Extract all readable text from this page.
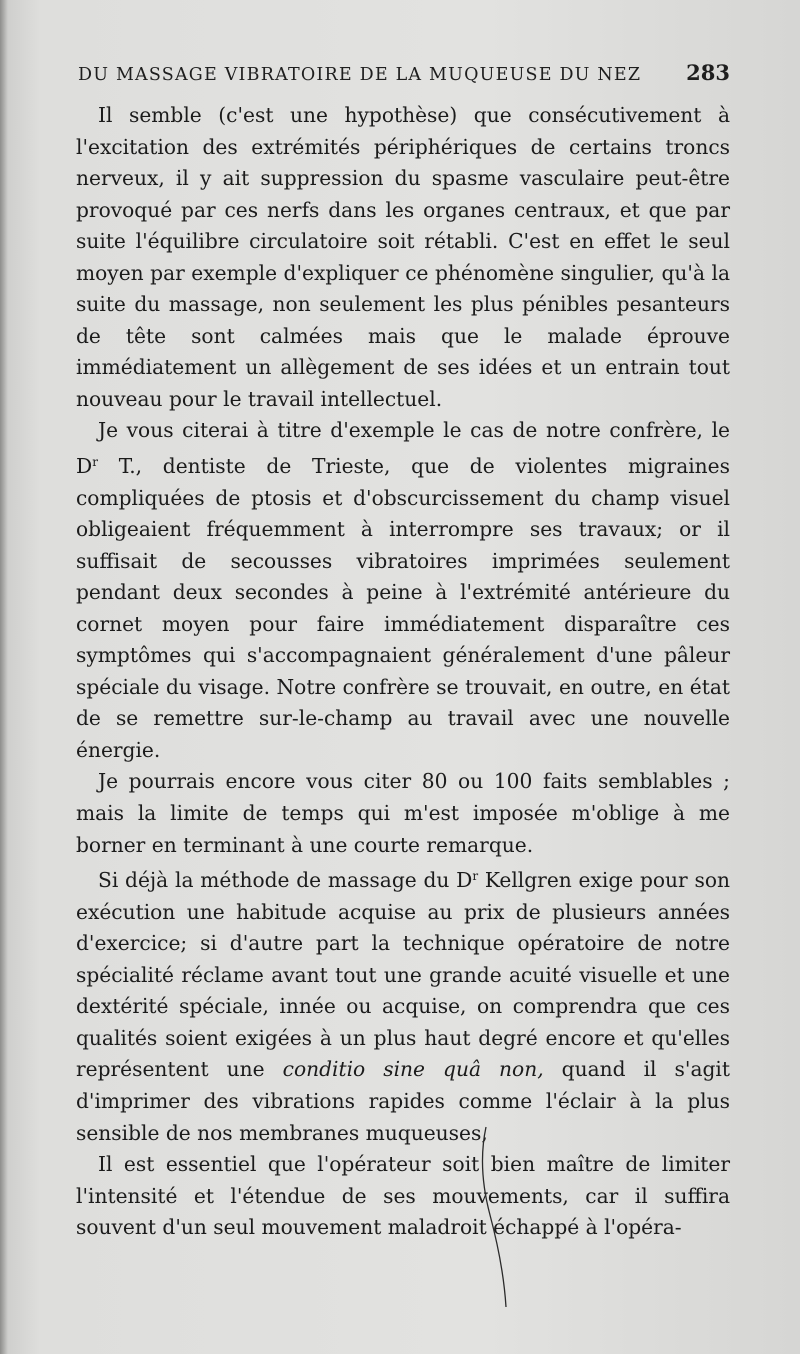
DU MASSAGE VIBRATOIRE DE LA MUQUEUSE DU NEZ 283

Il semble (c'est une hypothèse) que consécutivement à l'excitation des extrémités périphériques de certains troncs nerveux, il y ait suppression du spasme vasculaire peut-être provoqué par ces nerfs dans les organes centraux, et que par suite l'équilibre circulatoire soit rétabli. C'est en effet le seul moyen par exemple d'expliquer ce phénomène singulier, qu'à la suite du massage, non seulement les plus pénibles pesanteurs de tête sont calmées mais que le malade éprouve immédiatement un allègement de ses idées et un entrain tout nouveau pour le travail intellectuel.

Je vous citerai à titre d'exemple le cas de notre confrère, le $D^r$ T., dentiste de Trieste, que de violentes migraines compliquées de ptosis et d'obscurcissement du champ visuel obligeaient fréquemment à interrompre ses travaux; or il suffisait de secousses vibratoires imprimées seulement pendant deux secondes à peine à l'extrémité antérieure du cornet moyen pour faire immédiatement disparaître ces symptômes qui s'accompagnaient généralement d'une pâleur spéciale du visage. Notre confrère se trouvait, en outre, en état de se remettre sur-le-champ au travail avec une nouvelle énergie.

Je pourrais encore vous citer 80 ou 100 faits semblables ; mais la limite de temps qui m'est imposée m'oblige à me borner en terminant à une courte remarque.

Si déjà la méthode de massage du $D^r$ Kellgren exige pour son exécution une habitude acquise au prix de plusieurs années d'exercice; si d'autre part la technique opératoire de notre spécialité réclame avant tout une grande acuité visuelle et une dextérité spéciale, innée ou acquise, on comprendra que ces qualités soient exigées à un plus haut degré encore et qu'elles représentent une conditio sine quâ non, quand il s'agit d'imprimer des vibrations rapides comme l'éclair à la plus sensible de nos membranes muqueuses,

Il est essentiel que l'opérateur soit bien maître de limiter l'intensité et l'étendue de ses mouvements, car il suffira souvent d'un seul mouvement maladroit échappé à l'opéra-
